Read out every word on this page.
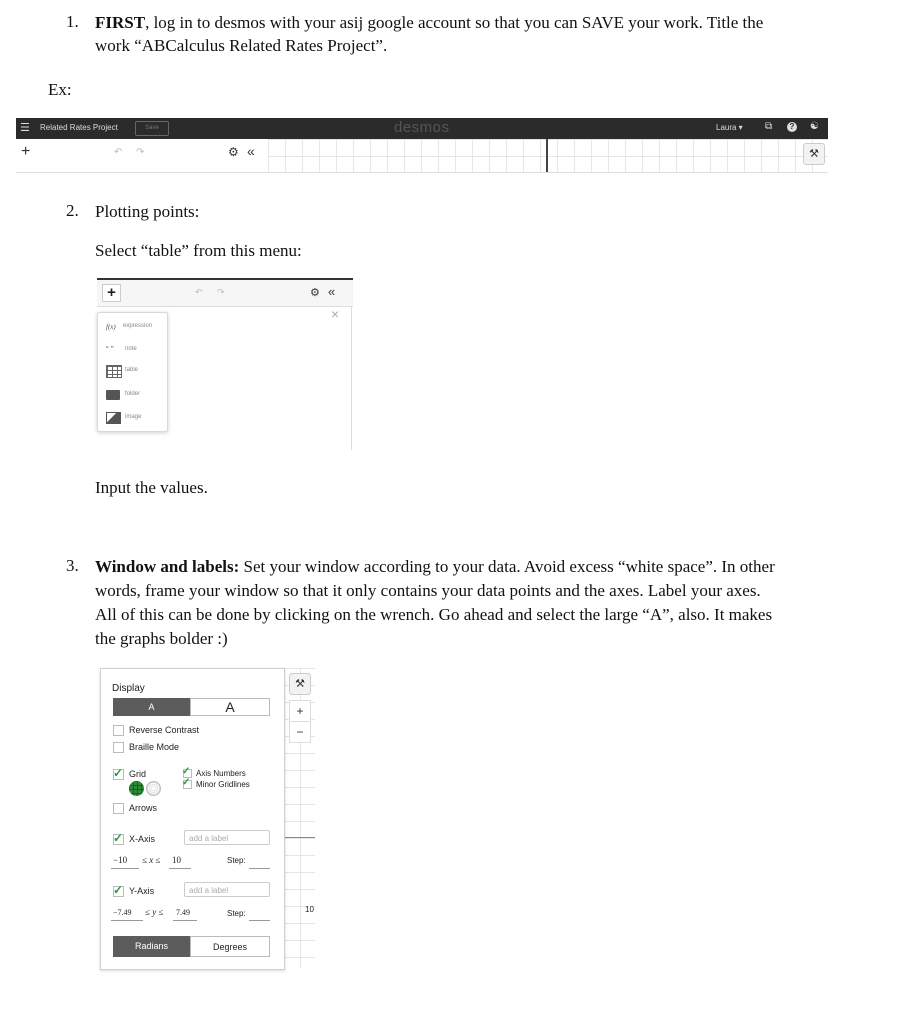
1. FIRST, log in to desmos with your asij google account so that you can SAVE your work. Title the
work “ABCalculus Related Rates Project”.
Ex:
☰ Related Rates Project	Save	desmos	Laura ▾ ⧉	? ☯
+	↶ ↷	⚙ «	⚒
2. Plotting points:
Select “table” from this menu:
+	↶ ↷	⚙ «
×
f(x) expression
“ ” note
table
folder
image
Input the values.
3. Window and labels: Set your window according to your data. Avoid excess “white space”. In other
words, frame your window so that it only contains your data points and the axes. Label your axes.
All of this can be done by clicking on the wrench. Go ahead and select the large “A”, also. It makes
the graphs bolder :)
10
⚒
+
−
Display
A	A
Reverse Contrast
Braille Mode
✓ Grid	✓ Axis Numbers
✓ Minor Gridlines
Arrows
✓ X-Axis	add a label
−10 ≤ x ≤ 10	Step:
✓ Y-Axis	add a label
−7.49 ≤ y ≤ 7.49	Step:
Radians	Degrees
